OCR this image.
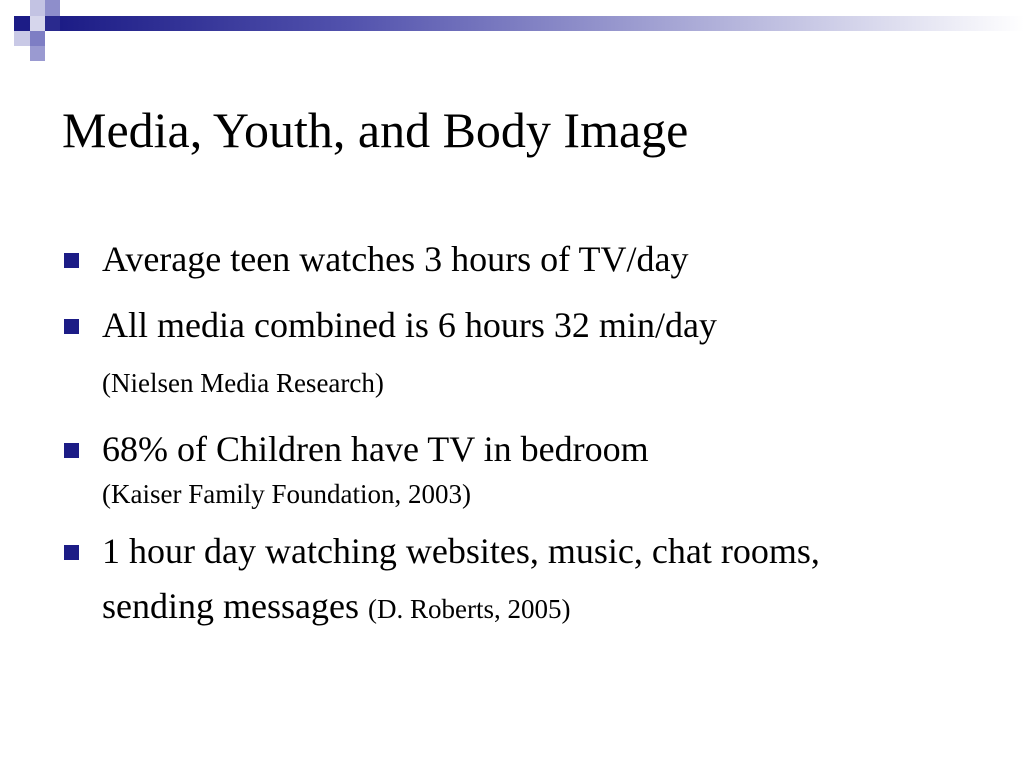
Media, Youth, and Body Image
Average teen watches 3 hours of TV/day
All media combined is 6 hours 32 min/day (Nielsen Media Research)
68% of Children have TV in bedroom
(Kaiser Family Foundation, 2003)
1 hour day watching websites, music, chat rooms, sending messages (D. Roberts, 2005)
